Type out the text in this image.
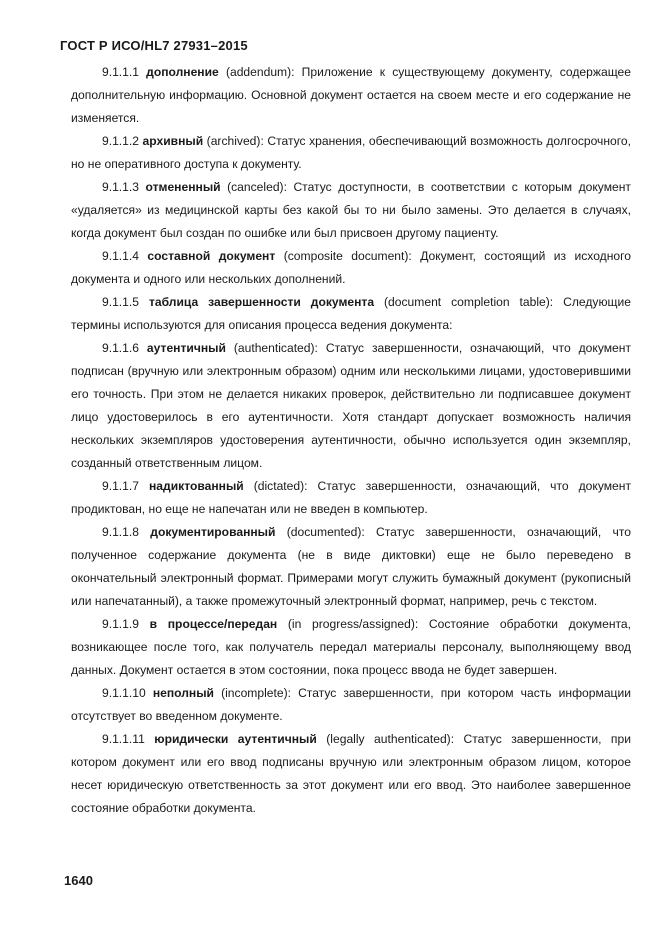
ГОСТ Р ИСО/HL7 27931–2015

9.1.1.1 дополнение (addendum): Приложение к существующему документу, содержащее дополнительную информацию. Основной документ остается на своем месте и его содержание не изменяется.

9.1.1.2 архивный (archived): Статус хранения, обеспечивающий возможность долгосрочного, но не оперативного доступа к документу.

9.1.1.3 отмененный (canceled): Статус доступности, в соответствии с которым документ «удаляется» из медицинской карты без какой бы то ни было замены. Это делается в случаях, когда документ был создан по ошибке или был присвоен другому пациенту.

9.1.1.4 составной документ (composite document): Документ, состоящий из исходного документа и одного или нескольких дополнений.

9.1.1.5 таблица завершенности документа (document completion table): Следующие термины используются для описания процесса ведения документа:

9.1.1.6 аутентичный (authenticated): Статус завершенности, означающий, что документ подписан (вручную или электронным образом) одним или несколькими лицами, удостоверившими его точность. При этом не делается никаких проверок, действительно ли подписавшее документ лицо удостоверилось в его аутентичности. Хотя стандарт допускает возможность наличия нескольких экземпляров удостоверения аутентичности, обычно используется один экземпляр, созданный ответственным лицом.

9.1.1.7 надиктованный (dictated): Статус завершенности, означающий, что документ продиктован, но еще не напечатан или не введен в компьютер.

9.1.1.8 документированный (documented): Статус завершенности, означающий, что полученное содержание документа (не в виде диктовки) еще не было переведено в окончательный электронный формат. Примерами могут служить бумажный документ (рукописный или напечатанный), а также промежуточный электронный формат, например, речь с текстом.

9.1.1.9 в процессе/передан (in progress/assigned): Состояние обработки документа, возникающее после того, как получатель передал материалы персоналу, выполняющему ввод данных. Документ остается в этом состоянии, пока процесс ввода не будет завершен.

9.1.1.10 неполный (incomplete): Статус завершенности, при котором часть информации отсутствует во введенном документе.

9.1.1.11 юридически аутентичный (legally authenticated): Статус завершенности, при котором документ или его ввод подписаны вручную или электронным образом лицом, которое несет юридическую ответственность за этот документ или его ввод. Это наиболее завершенное состояние обработки документа.

1640
